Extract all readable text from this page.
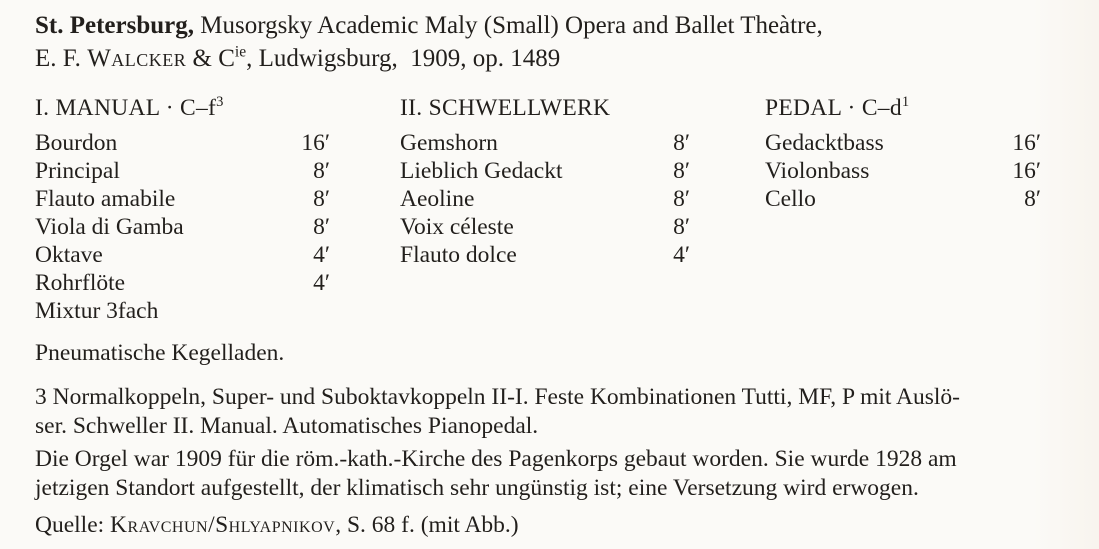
St. Petersburg, Musorgsky Academic Maly (Small) Opera and Ballet Theàtre,
E. F. Walcker & $C^{ie}$, Ludwigsburg,  1909, op. 1489
I. MANUAL · $C-f^3$
Bourdon	16′
Principal	8′
Flauto amabile	8′
Viola di Gamba	8′
Oktave	4′
Rohrflöte	4′
Mixtur 3fach
II. SCHWELLWERK
Gemshorn	8′
Lieblich Gedackt	8′
Aeoline	8′
Voix céleste	8′
Flauto dolce	4′
PEDAL · $C-d^1$
Gedacktbass	16′
Violonbass	16′
Cello	8′

Pneumatische Kegelladen.

3 Normalkoppeln, Super- und Suboktavkoppeln II-I. Feste Kombinationen Tutti, MF, P mit Auslö-
ser. Schweller II. Manual. Automatisches Pianopedal.

Die Orgel war 1909 für die röm.-kath.-Kirche des Pagenkorps gebaut worden. Sie wurde 1928 am
jetzigen Standort aufgestellt, der klimatisch sehr ungünstig ist; eine Versetzung wird erwogen.

Quelle: Kravchun/Shlyapnikov, S. 68 f. (mit Abb.)
